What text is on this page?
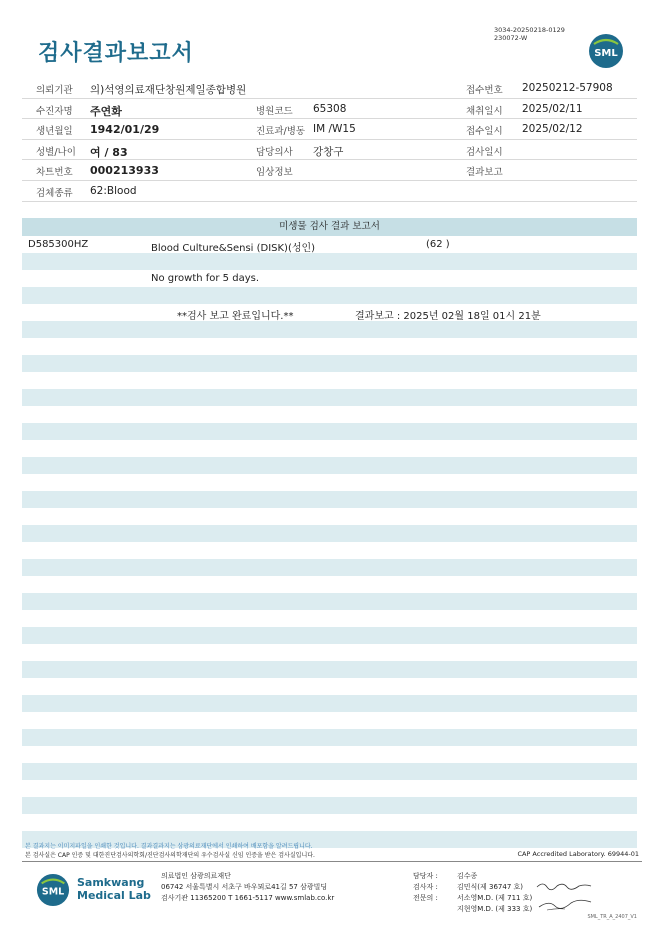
검사결과보고서
3034-20250218-0129
230072-W
SML
의뢰기관 의)석영의료재단창원제일종합병원	접수번호 20250212-57908
수진자명 주연화	병원코드 65308	채취일시 2025/02/11
생년월일 1942/01/29	진료과/병동 IM /W15	접수일시 2025/02/12
성별/나이 여 / 83	담당의사 강창구	검사일시
차트번호 000213933	임상정보	결과보고
검체종류 62:Blood
미생물 검사 결과 보고서
D585300HZ	Blood Culture&Sensi (DISK)(성인)	(62 )
No growth for 5 days.
**검사 보고 완료입니다.**	결과보고 : 2025년 02월 18일 01시 21분
본 결과지는 이미지파일을 인쇄한 것입니다. 결과결과지는 삼광의료재단에서 인쇄하여 배포함을 알려드립니다.
본 검사실은 CAP 인증 및 대한진단검사의학회/진단검사의학재단의 우수검사실 신임 인증을 받은 검사실입니다.	CAP Accredited Laboratory. 69944-01
SML
Samkwang
Medical Lab
의료법인 삼광의료재단
06742 서울특별시 서초구 바우뫼로41길 57 삼광빌딩
검사기관 11365200 T 1661-5117 www.smlab.co.kr
담당자 :	김수종
검사자 :	김민식(제 36747 호)
전문의 :	서소영M.D. (제 711 호)
지현영M.D. (제 333 호)
SML_TR_A_2407_V1
